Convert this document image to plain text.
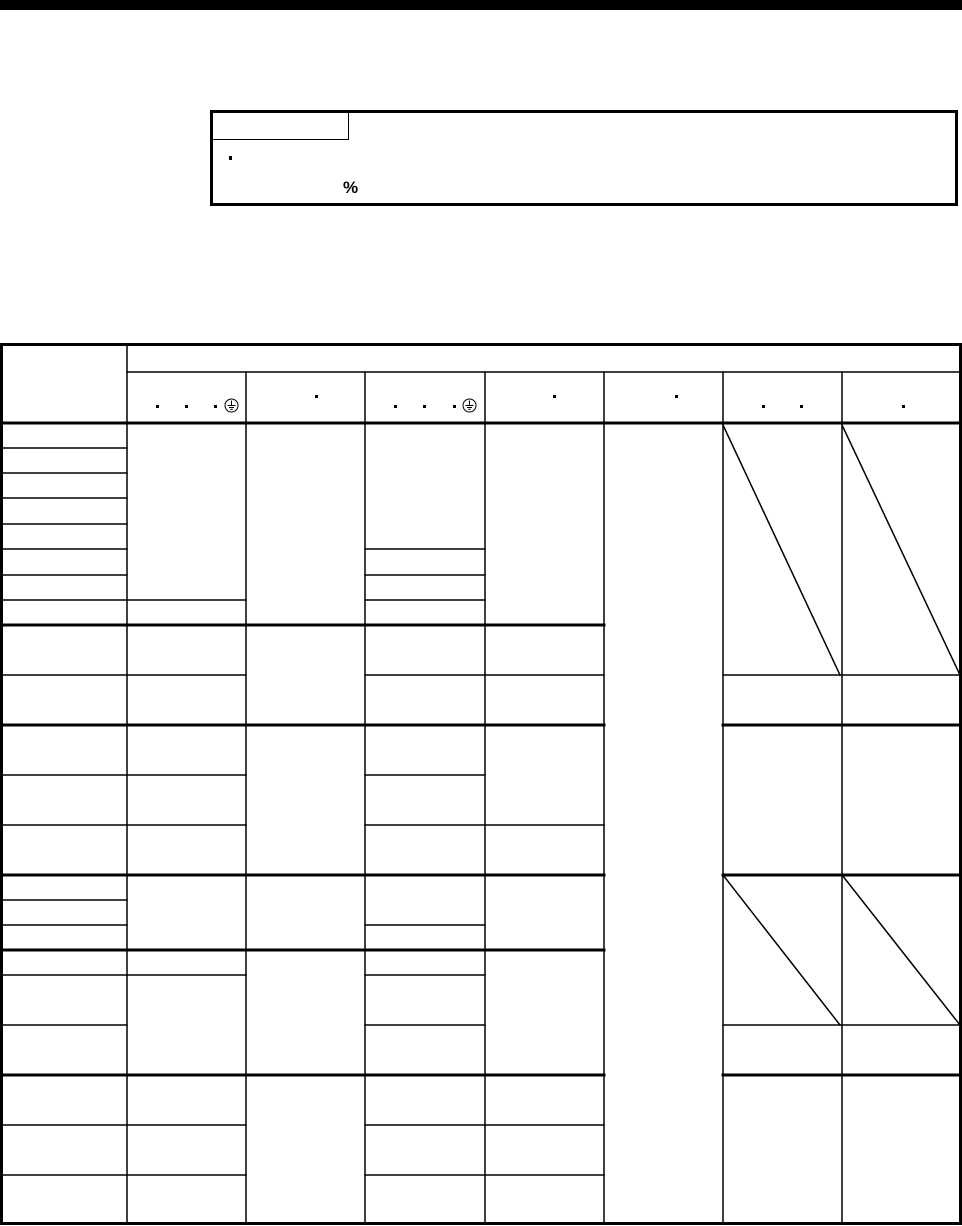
%
